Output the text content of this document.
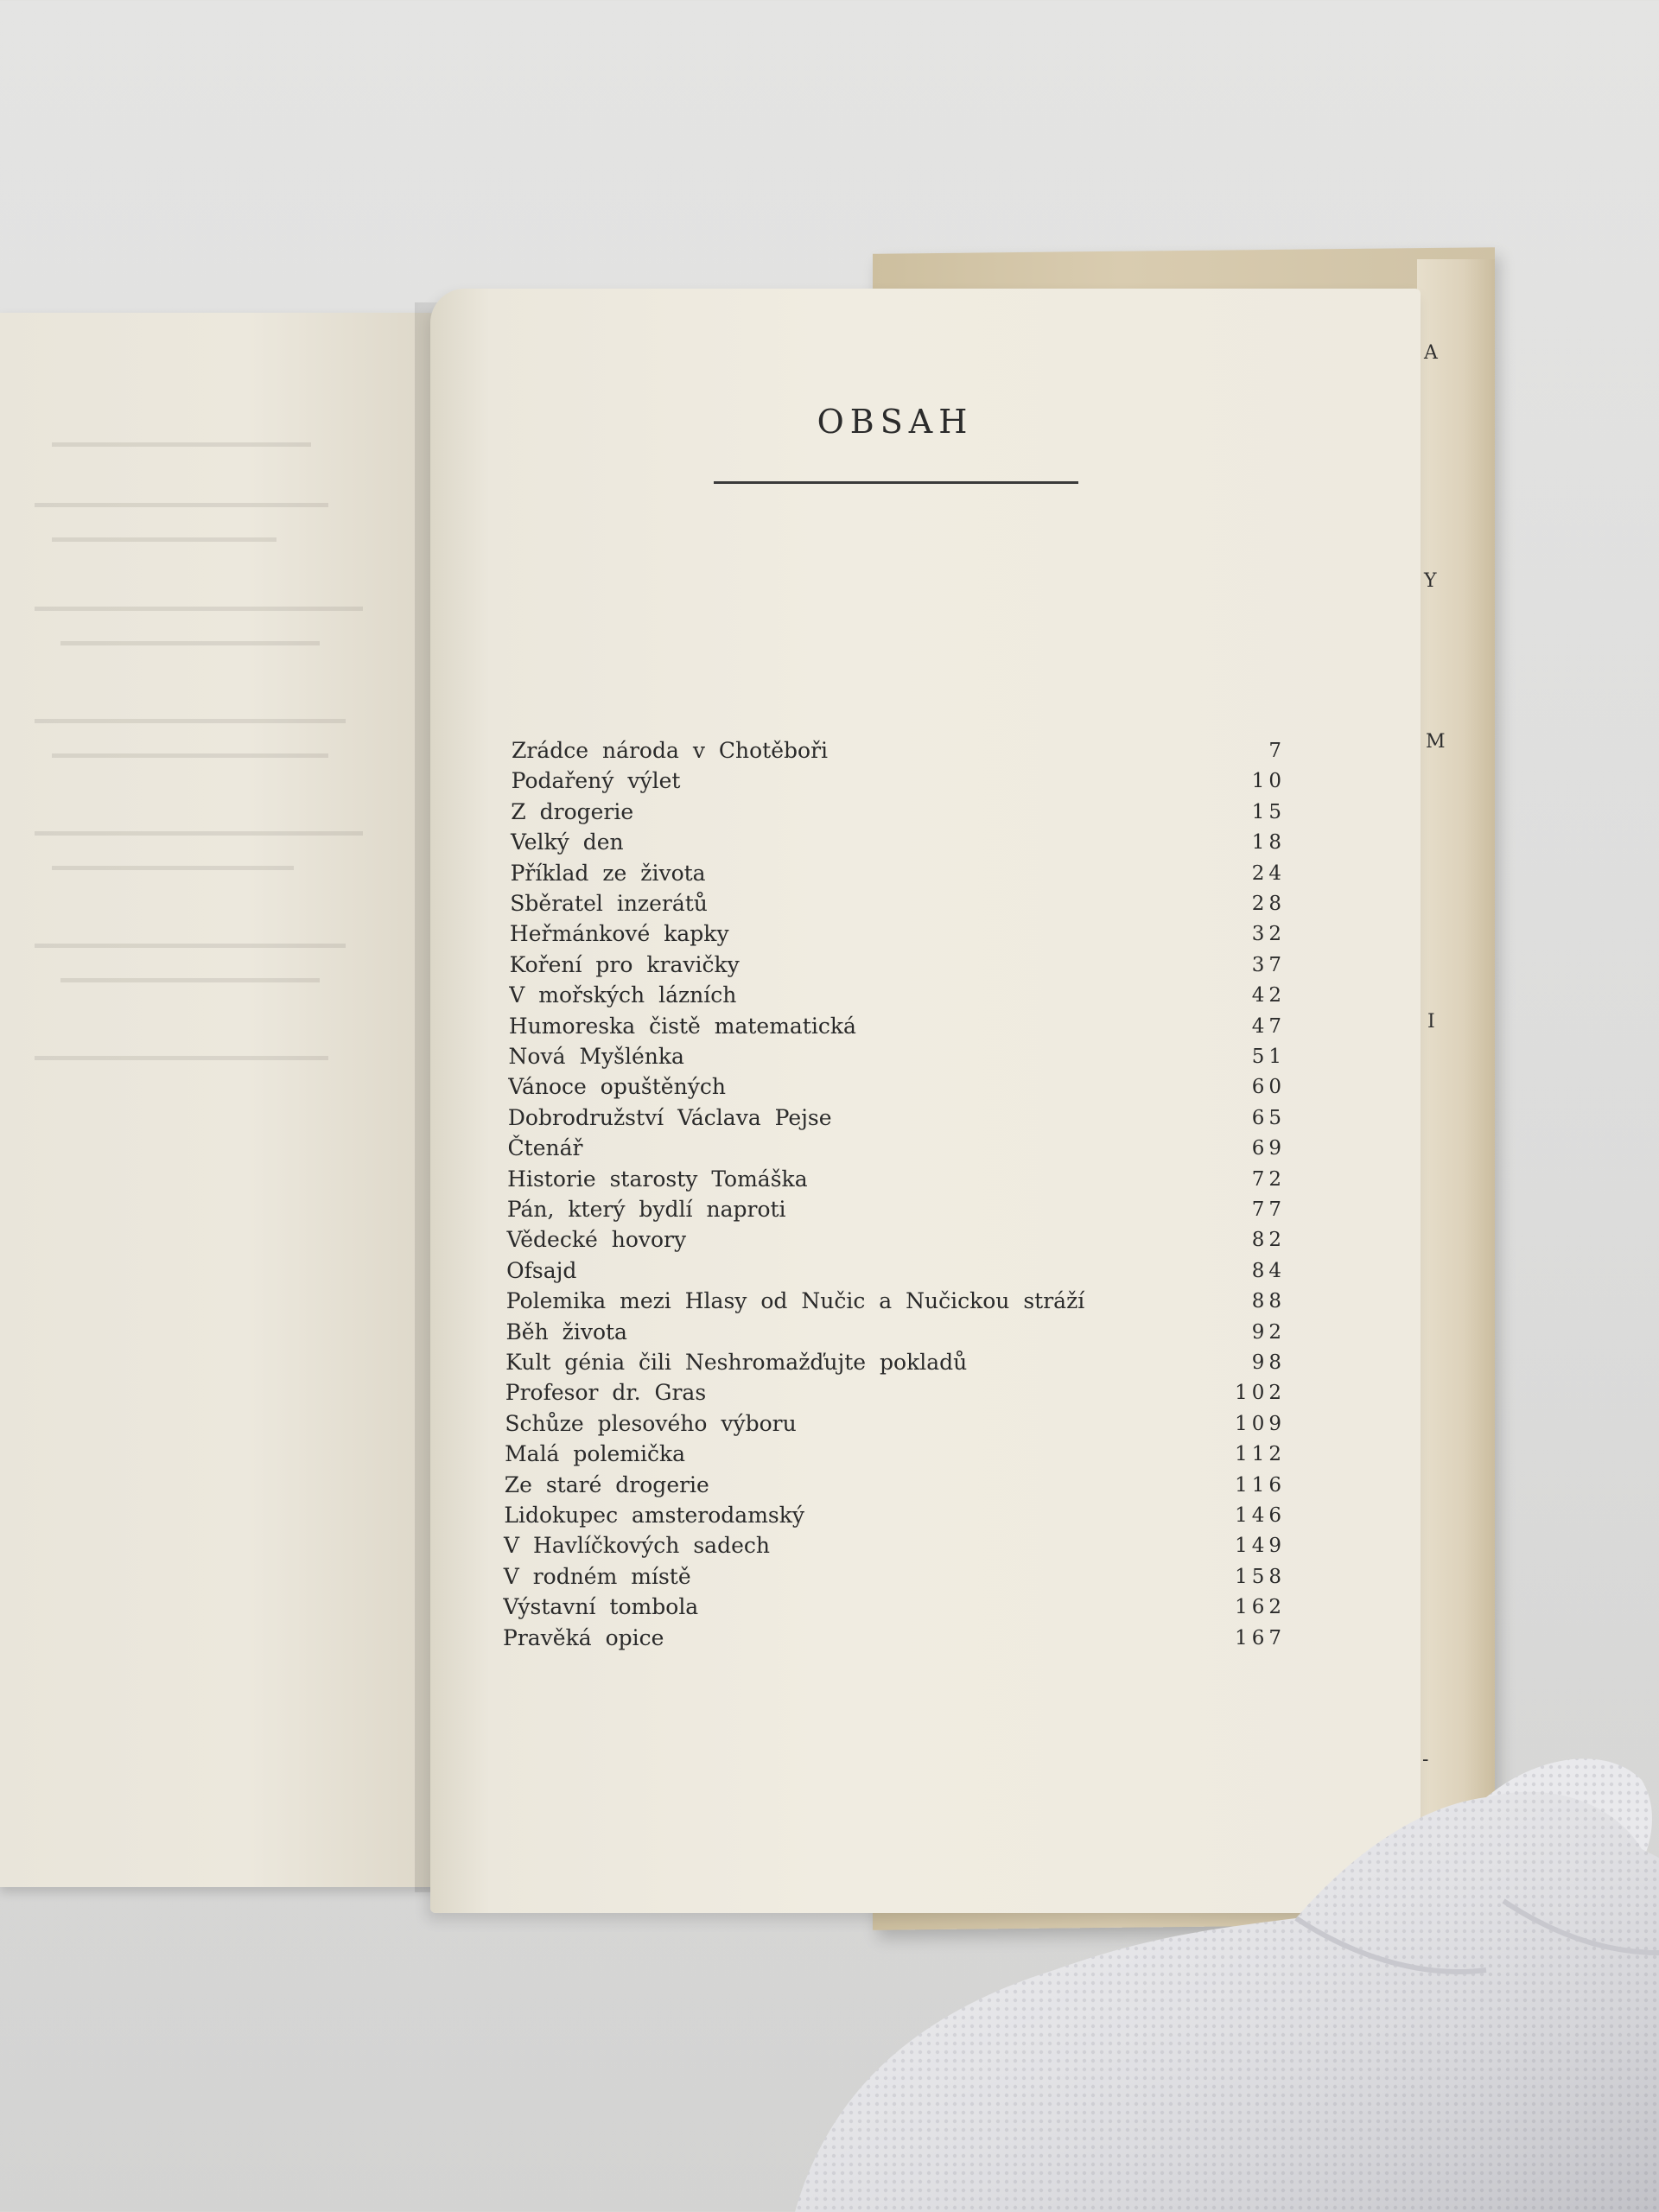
A
Y
M
I
-
OBSAH
Zrádce národa v Chotěboři	7
Podařený výlet	10
Z drogerie	15
Velký den	18
Příklad ze života	24
Sběratel inzerátů	28
Heřmánkové kapky	32
Koření pro kravičky	37
V mořských lázních	42
Humoreska čistě matematická	47
Nová Myšlénka	51
Vánoce opuštěných	60
Dobrodružství Václava Pejse	65
Čtenář	69
Historie starosty Tomáška	72
Pán, který bydlí naproti	77
Vědecké hovory	82
Ofsajd	84
Polemika mezi Hlasy od Nučic a Nučickou stráží	88
Běh života	92
Kult génia čili Neshromažďujte pokladů	98
Profesor dr. Gras	102
Schůze plesového výboru	109
Malá polemička	112
Ze staré drogerie	116
Lidokupec amsterodamský	146
V Havlíčkových sadech	149
V rodném místě	158
Výstavní tombola	162
Pravěká opice	167
